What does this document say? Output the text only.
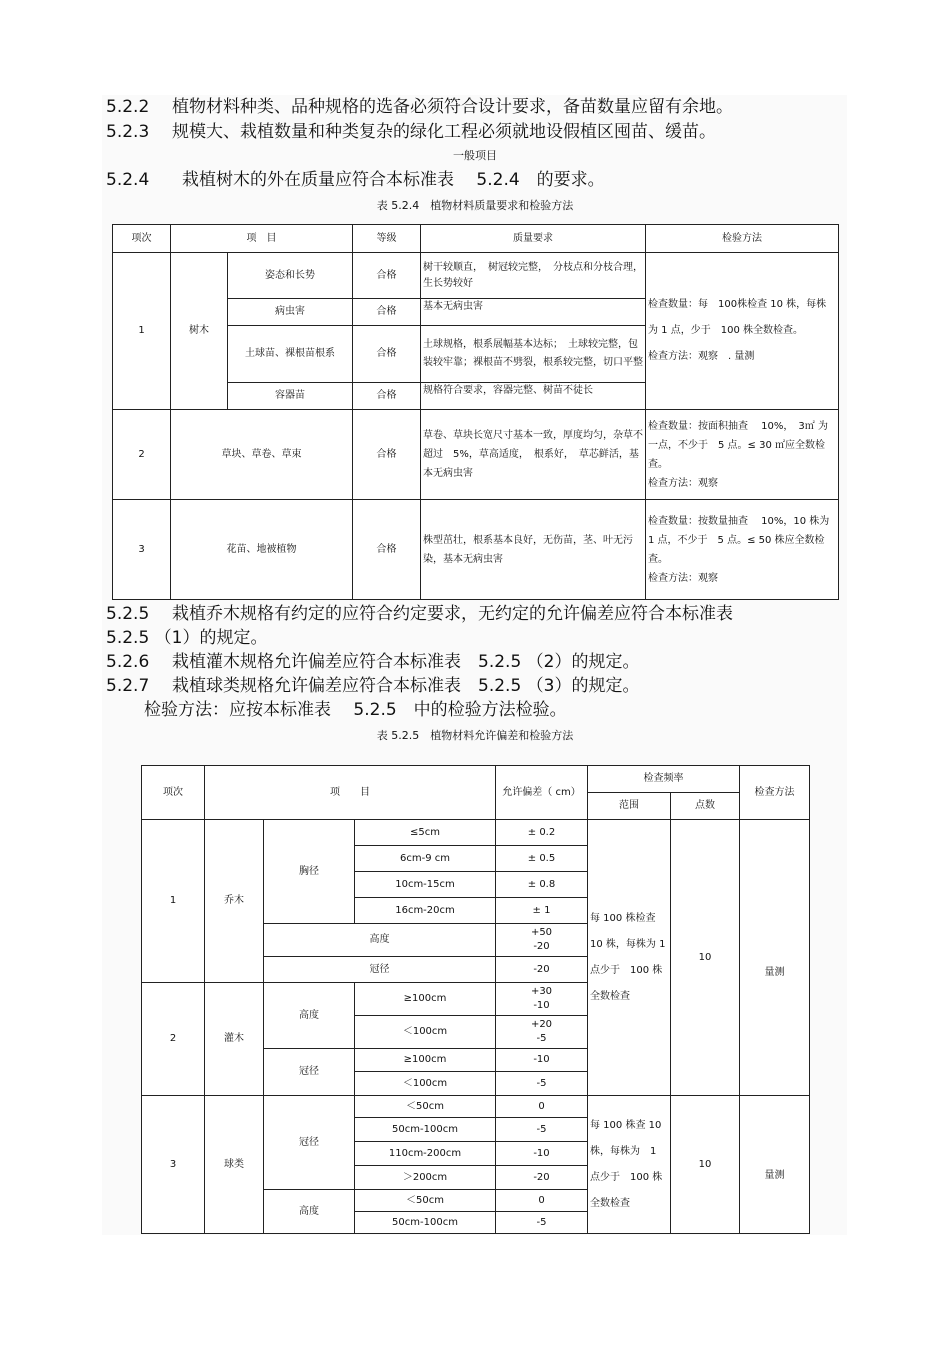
5.2.2 植物材料种类、品种规格的选备必须符合设计要求，备苗数量应留有余地。
5.2.3 规模大、栽植数量和种类复杂的绿化工程必须就地设假植区囤苗、缓苗。
一般项目
5.2.4 栽植树木的外在质量应符合本标准表　 5.2.4　的要求。
表 5.2.4　植物材料质量要求和检验方法
项次	项　目		等级	质量要求	检验方法
1	树木	姿态和长势	合格	树干较顺直，　树冠较完整，　分枝点和分枝合理，生长势较好	检查数量：每　100株检查 10 株，每株为 1 点，少于　100 株全数检查。
检查方法：观察　. 量测
		病虫害	合格	基本无病虫害	
		土球苗、裸根苗根系	合格	土球规格，根系展幅基本达标；　土球较完整，包装较牢靠；裸根苗不劈裂，根系较完整，切口平整	
		容器苗	合格	规格符合要求，容器完整、树苗不徒长	
2	草块、草卷、草束		合格	草卷、草块长宽尺寸基本一致，厚度均匀，杂草不超过　5%，草高适度，　根系好，　草芯鲜活，基本无病虫害	检查数量：按面积抽查　 10%，　3㎡ 为一点，不少于　5 点。≤ 30 ㎡应全数检查。
检查方法：观察
3	花苗、地被植物		合格	株型茁壮，根系基本良好，无伤苗，茎、叶无污染，基本无病虫害	检查数量：按数量抽查　 10%，10 株为 1 点，不少于　5 点。≤ 50 株应全数检查。
检查方法：观察
5.2.5 栽植乔木规格有约定的应符合约定要求，无约定的允许偏差应符合本标准表
5.2.5 （1）的规定。
5.2.6 栽植灌木规格允许偏差应符合本标准表　5.2.5 （2）的规定。
5.2.7 栽植球类规格允许偏差应符合本标准表　5.2.5 （3）的规定。
检验方法：应按本标准表　 5.2.5　中的检验方法检验。
表 5.2.5　植物材料允许偏差和检验方法
项次	项　　目			允许偏差（ cm）	检查频率		检查方法
					范围	点数	
1	乔木	胸径	≤5cm	± 0.2	每 100 株检查 10 株，每株为 1 点少于　100 株全数检查	10	量测
			6cm-9 cm	± 0.5			
			10cm-15cm	± 0.8			
			16cm-20cm	± 1			
		高度		+50
-20			
		冠径		-20			
2	灌木	高度	≥100cm	+30
-10			
			＜100cm	+20
-5			
		冠径	≥100cm	-10			
			＜100cm	-5			
3	球类	冠径	＜50cm	0	每 100 株查 10 株，每株为　1 点少于　100 株全数检查	10	量测
			50cm-100cm	-5			
			110cm-200cm	-10			
			＞200cm	-20			
		高度	＜50cm	0			
			50cm-100cm	-5			
